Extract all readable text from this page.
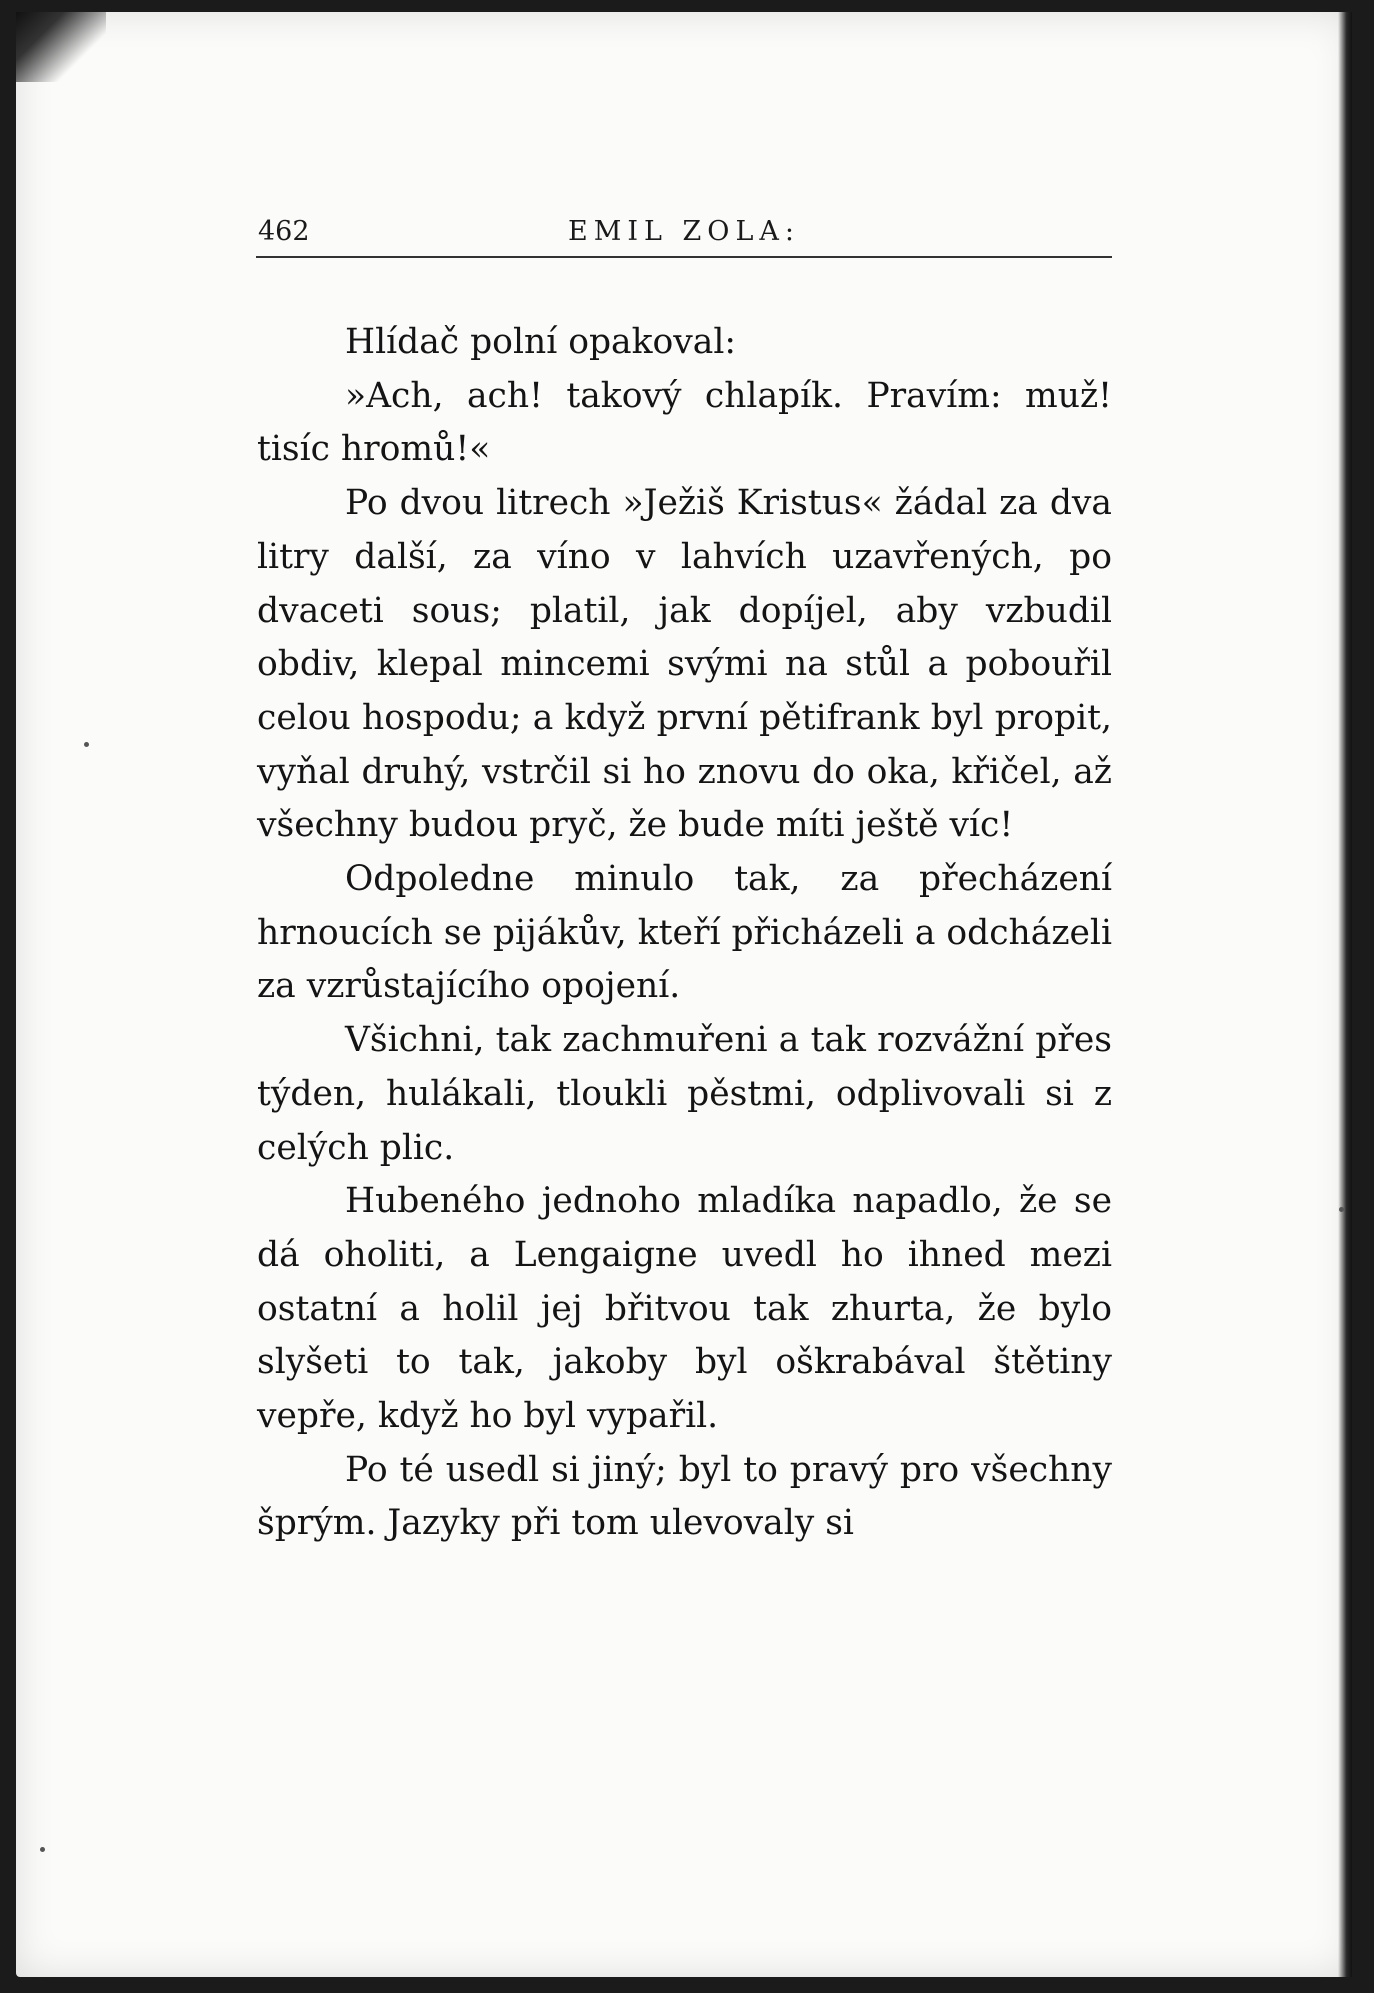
462	EMIL ZOLA:

Hlídač polní opakoval:

»Ach, ach! takový chlapík. Pravím: muž! tisíc hromů!«

Po dvou litrech »Ježiš Kristus« žádal za dva litry další, za víno v lahvích uzavřených, po dvaceti sous; platil, jak dopíjel, aby vzbudil obdiv, klepal mincemi svými na stůl a pobouřil celou hospodu; a když první pětifrank byl propit, vyňal druhý, vstrčil si ho znovu do oka, křičel, až všechny budou pryč, že bude míti ještě víc!

Odpoledne minulo tak, za přecházení hrnoucích se pijákův, kteří přicházeli a odcházeli za vzrůstajícího opojení.

Všichni, tak zachmuřeni a tak rozvážní přes týden, hulákali, tloukli pěstmi, odplivovali si z celých plic.

Hubeného jednoho mladíka napadlo, že se dá oholiti, a Lengaigne uvedl ho ihned mezi ostatní a holil jej břitvou tak zhurta, že bylo slyšeti to tak, jakoby byl oškrabával štětiny vepře, když ho byl vypařil.

Po té usedl si jiný; byl to pravý pro všechny šprým. Jazyky při tom ulevovaly si
